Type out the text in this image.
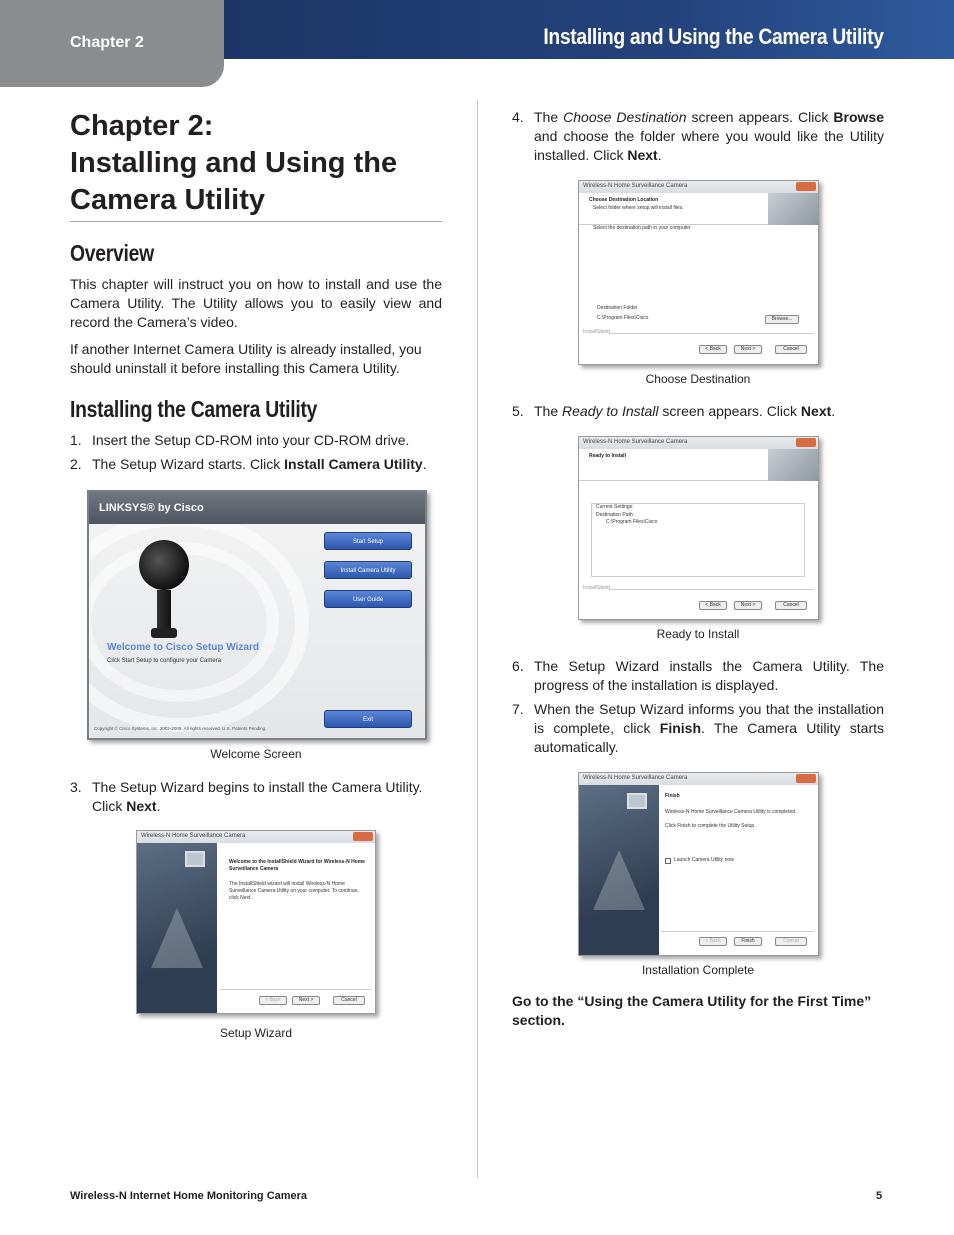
Chapter 2	Installing and Using the Camera Utility
Chapter 2:
Installing and Using the
Camera Utility
Overview

This chapter will instruct you on how to install and use the Camera Utility. The Utility allows you to easily view and record the Camera’s video.

If another Internet Camera Utility is already installed, you should uninstall it before installing this Camera Utility.

Installing the Camera Utility
1. Insert the Setup CD-ROM into your CD-ROM drive.
2. The Setup Wizard starts. Click Install Camera Utility.
LINKSYS® by Cisco
Start Setup
Install Camera Utility
User Guide
Welcome to Cisco Setup Wizard
Click Start Setup to configure your Camera
Exit
Copyright © Cisco Systems, Inc. 2002-2009. All rights reserved. U.S. Patents Pending.
Welcome Screen
3. The Setup Wizard begins to install the Camera Utility. Click Next.
Wireless-N Home Surveillance Camera
Welcome to the InstallShield Wizard for Wireless-N Home Surveillance Camera
The InstallShield wizard will install Wireless-N Home Surveillance Camera Utility on your computer. To continue, click Next.
< Back	Next >	Cancel
Setup Wizard
4. The Choose Destination screen appears. Click Browse and choose the folder where you would like the Utility installed. Click Next.
Wireless-N Home Surveillance Camera
Choose Destination Location
Select folder where setup will install files.
Select the destination path in your computer
Destination Folder
C:\Program Files\Cisco	Browse...
InstallShield
< Back	Next >	Cancel
Choose Destination
5. The Ready to Install screen appears. Click Next.
Wireless-N Home Surveillance Camera
Ready to Install
Current Settings:
Destination Path:
C:\Program Files\Cisco
InstallShield
< Back	Next >	Cancel
Ready to Install
6. The Setup Wizard installs the Camera Utility. The progress of the installation is displayed.
7. When the Setup Wizard informs you that the installation is complete, click Finish. The Camera Utility starts automatically.
Wireless-N Home Surveillance Camera
Finish
Wireless-N Home Surveillance Camera Utility is completed.
Click Finish to complete the Utility Setup.
Launch Camera Utility now
< Back	Finish	Cancel
Installation Complete

Go to the “Using the Camera Utility for the First Time” section.

Wireless-N Internet Home Monitoring Camera	5
